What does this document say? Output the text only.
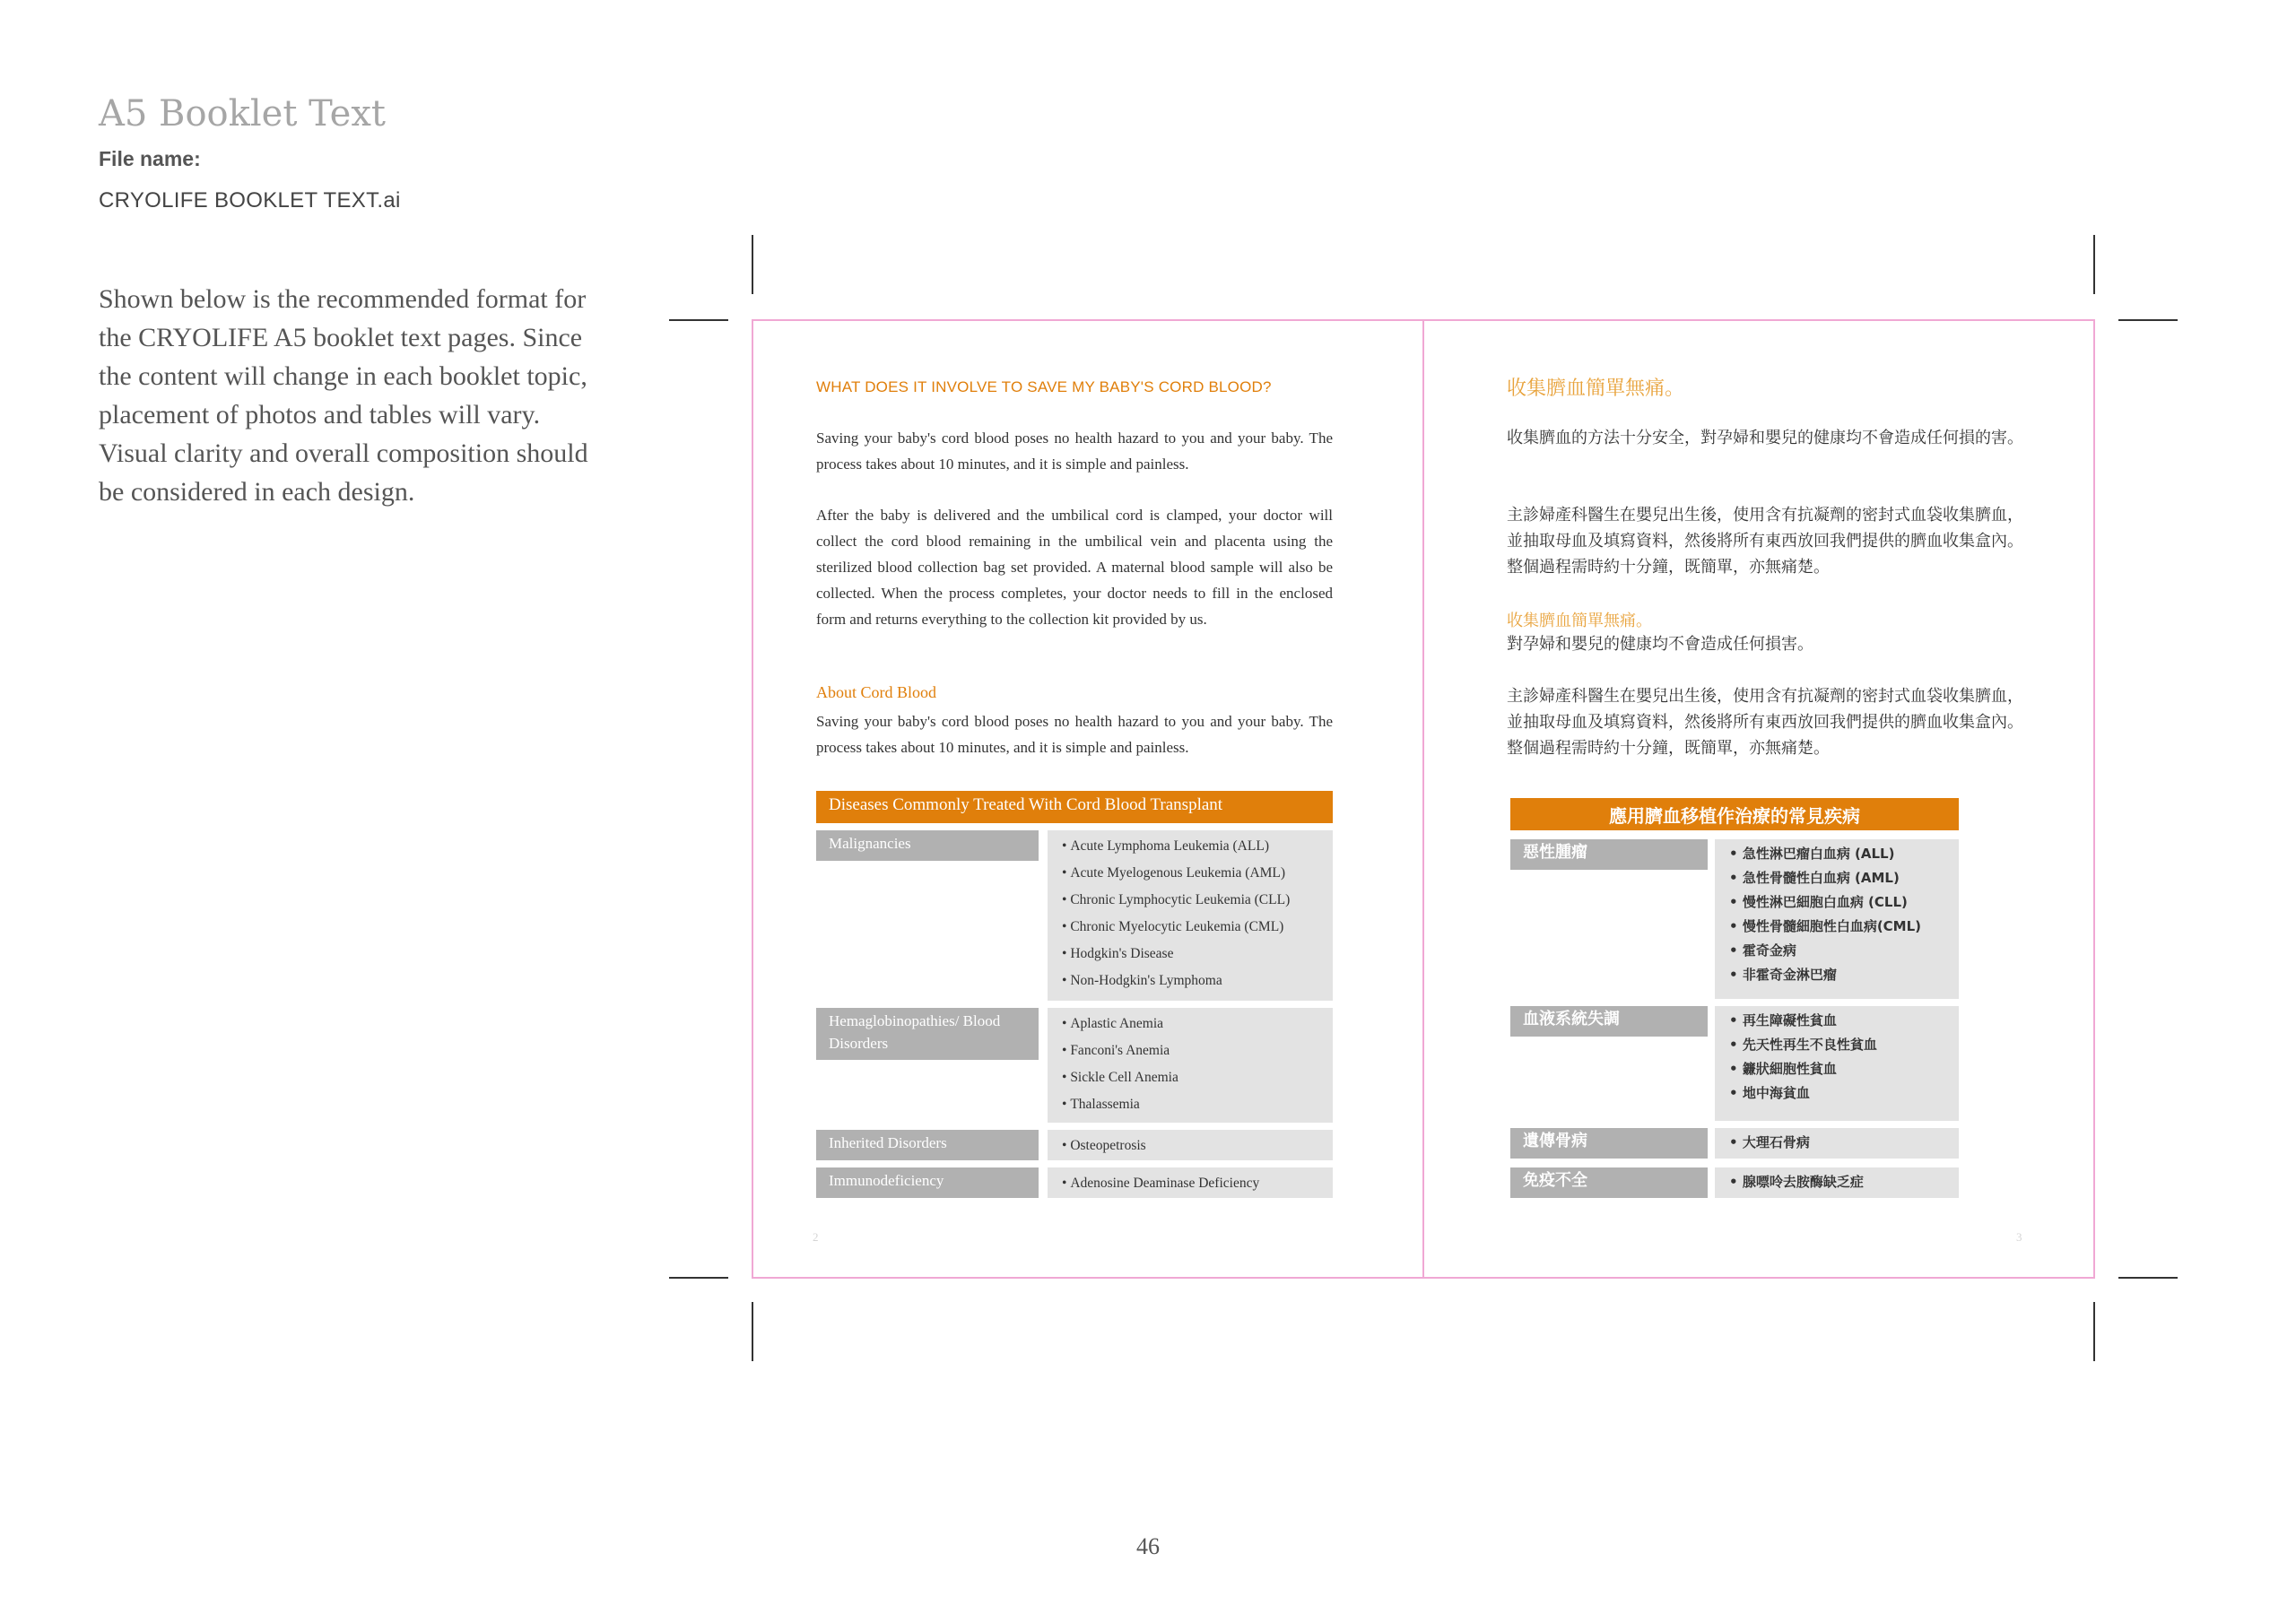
A5 Booklet Text
File name:
CRYOLIFE BOOKLET TEXT.ai
Shown below is the recommended format for the CRYOLIFE A5 booklet text pages. Since the content will change in each booklet topic, placement of photos and tables will vary. Visual clarity and overall composition should be considered in each design.
WHAT DOES IT INVOLVE TO SAVE MY BABY'S CORD BLOOD?
Saving your baby's cord blood poses no health hazard to you and your baby. The process takes about 10 minutes, and it is simple and painless.
After the baby is delivered and the umbilical cord is clamped, your doctor will collect the cord blood remaining in the umbilical vein and placenta using the sterilized blood collection bag set provided. A maternal blood sample will also be collected. When the process completes, your doctor needs to fill in the enclosed form and returns everything to the collection kit provided by us.
About Cord Blood
Saving your baby's cord blood poses no health hazard to you and your baby. The process takes about 10 minutes, and it is simple and painless.
Diseases Commonly Treated With Cord Blood Transplant
Malignancies	• Acute Lymphoma Leukemia (ALL)
• Acute Myelogenous Leukemia (AML)
• Chronic Lymphocytic Leukemia (CLL)
• Chronic Myelocytic Leukemia (CML)
• Hodgkin's Disease
• Non-Hodgkin's Lymphoma
Hemaglobinopathies/ Blood Disorders
• Aplastic Anemia
• Fanconi's Anemia
• Sickle Cell Anemia
• Thalassemia
Inherited Disorders	• Osteopetrosis
Immunodeficiency	• Adenosine Deaminase Deficiency
2
收集臍血簡單無痛。
收集臍血的方法十分安全，對孕婦和嬰兒的健康均不會造成任何損的害。
主診婦產科醫生在嬰兒出生後，使用含有抗凝劑的密封式血袋收集臍血，並抽取母血及填寫資料，然後將所有東西放回我們提供的臍血收集盒內。整個過程需時約十分鐘，既簡單，亦無痛楚。
收集臍血簡單無痛。
對孕婦和嬰兒的健康均不會造成任何損害。
主診婦產科醫生在嬰兒出生後，使用含有抗凝劑的密封式血袋收集臍血，並抽取母血及填寫資料，然後將所有東西放回我們提供的臍血收集盒內。整個過程需時約十分鐘，既簡單，亦無痛楚。
應用臍血移植作治療的常見疾病
惡性腫瘤	• 急性淋巴瘤白血病 (ALL)
• 急性骨髓性白血病 (AML)
• 慢性淋巴細胞白血病 (CLL)
• 慢性骨髓細胞性白血病(CML)
• 霍奇金病
• 非霍奇金淋巴瘤
血液系統失調	• 再生障礙性貧血
• 先天性再生不良性貧血
• 鐮狀細胞性貧血
• 地中海貧血
遺傳骨病	• 大理石骨病
免疫不全	• 腺嘌呤去胺酶缺乏症
3
46
